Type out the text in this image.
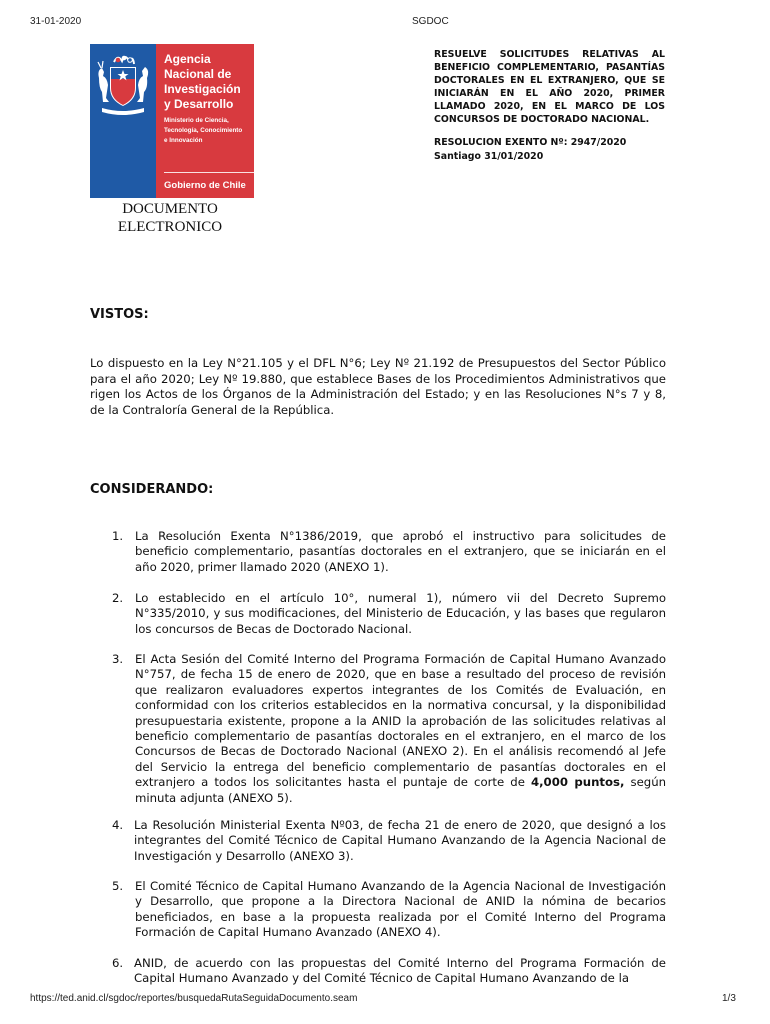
31-01-2020	SGDOC
Agencia
Nacional de
Investigación
y Desarrollo
Ministerio de Ciencia,
Tecnología, Conocimiento
e Innovación
Gobierno de Chile
DOCUMENTO
ELECTRONICO
RESUELVE SOLICITUDES RELATIVAS AL BENEFICIO COMPLEMENTARIO, PASANTÍAS DOCTORALES EN EL EXTRANJERO, QUE SE INICIARÁN EN EL AÑO 2020, PRIMER LLAMADO 2020, EN EL MARCO DE LOS CONCURSOS DE DOCTORADO NACIONAL.
RESOLUCION EXENTO Nº: 2947/2020
Santiago 31/01/2020
VISTOS:
Lo dispuesto en la Ley N°21.105 y el DFL N°6; Ley Nº 21.192 de Presupuestos del Sector Público para el año 2020; Ley Nº 19.880, que establece Bases de los Procedimientos Administrativos que rigen los Actos de los Órganos de la Administración del Estado; y en las Resoluciones N°s 7 y 8, de la Contraloría General de la República.
CONSIDERANDO:
1. La Resolución Exenta N°1386/2019, que aprobó el instructivo para solicitudes de beneficio complementario, pasantías doctorales en el extranjero, que se iniciarán en el año 2020, primer llamado 2020 (ANEXO 1).
2. Lo establecido en el artículo 10°, numeral 1), número vii del Decreto Supremo N°335/2010, y sus modificaciones, del Ministerio de Educación, y las bases que regularon los concursos de Becas de Doctorado Nacional.
3. El Acta Sesión del Comité Interno del Programa Formación de Capital Humano Avanzado N°757, de fecha 15 de enero de 2020, que en base a resultado del proceso de revisión que realizaron evaluadores expertos integrantes de los Comités de Evaluación, en conformidad con los criterios establecidos en la normativa concursal, y la disponibilidad presupuestaria existente, propone a la ANID la aprobación de las solicitudes relativas al beneficio complementario de pasantías doctorales en el extranjero, en el marco de los Concursos de Becas de Doctorado Nacional (ANEXO 2). En el análisis recomendó al Jefe del Servicio la entrega del beneficio complementario de pasantías doctorales en el extranjero a todos los solicitantes hasta el puntaje de corte de 4,000 puntos, según minuta adjunta (ANEXO 5).
4. La Resolución Ministerial Exenta Nº03, de fecha 21 de enero de 2020, que designó a los integrantes del Comité Técnico de Capital Humano Avanzando de la Agencia Nacional de Investigación y Desarrollo (ANEXO 3).
5. El Comité Técnico de Capital Humano Avanzando de la Agencia Nacional de Investigación y Desarrollo, que propone a la Directora Nacional de ANID la nómina de becarios beneficiados, en base a la propuesta realizada por el Comité Interno del Programa Formación de Capital Humano Avanzado (ANEXO 4).
6. ANID, de acuerdo con las propuestas del Comité Interno del Programa Formación de Capital Humano Avanzado y del Comité Técnico de Capital Humano Avanzando de la
https://ted.anid.cl/sgdoc/reportes/busquedaRutaSeguidaDocumento.seam	1/3
